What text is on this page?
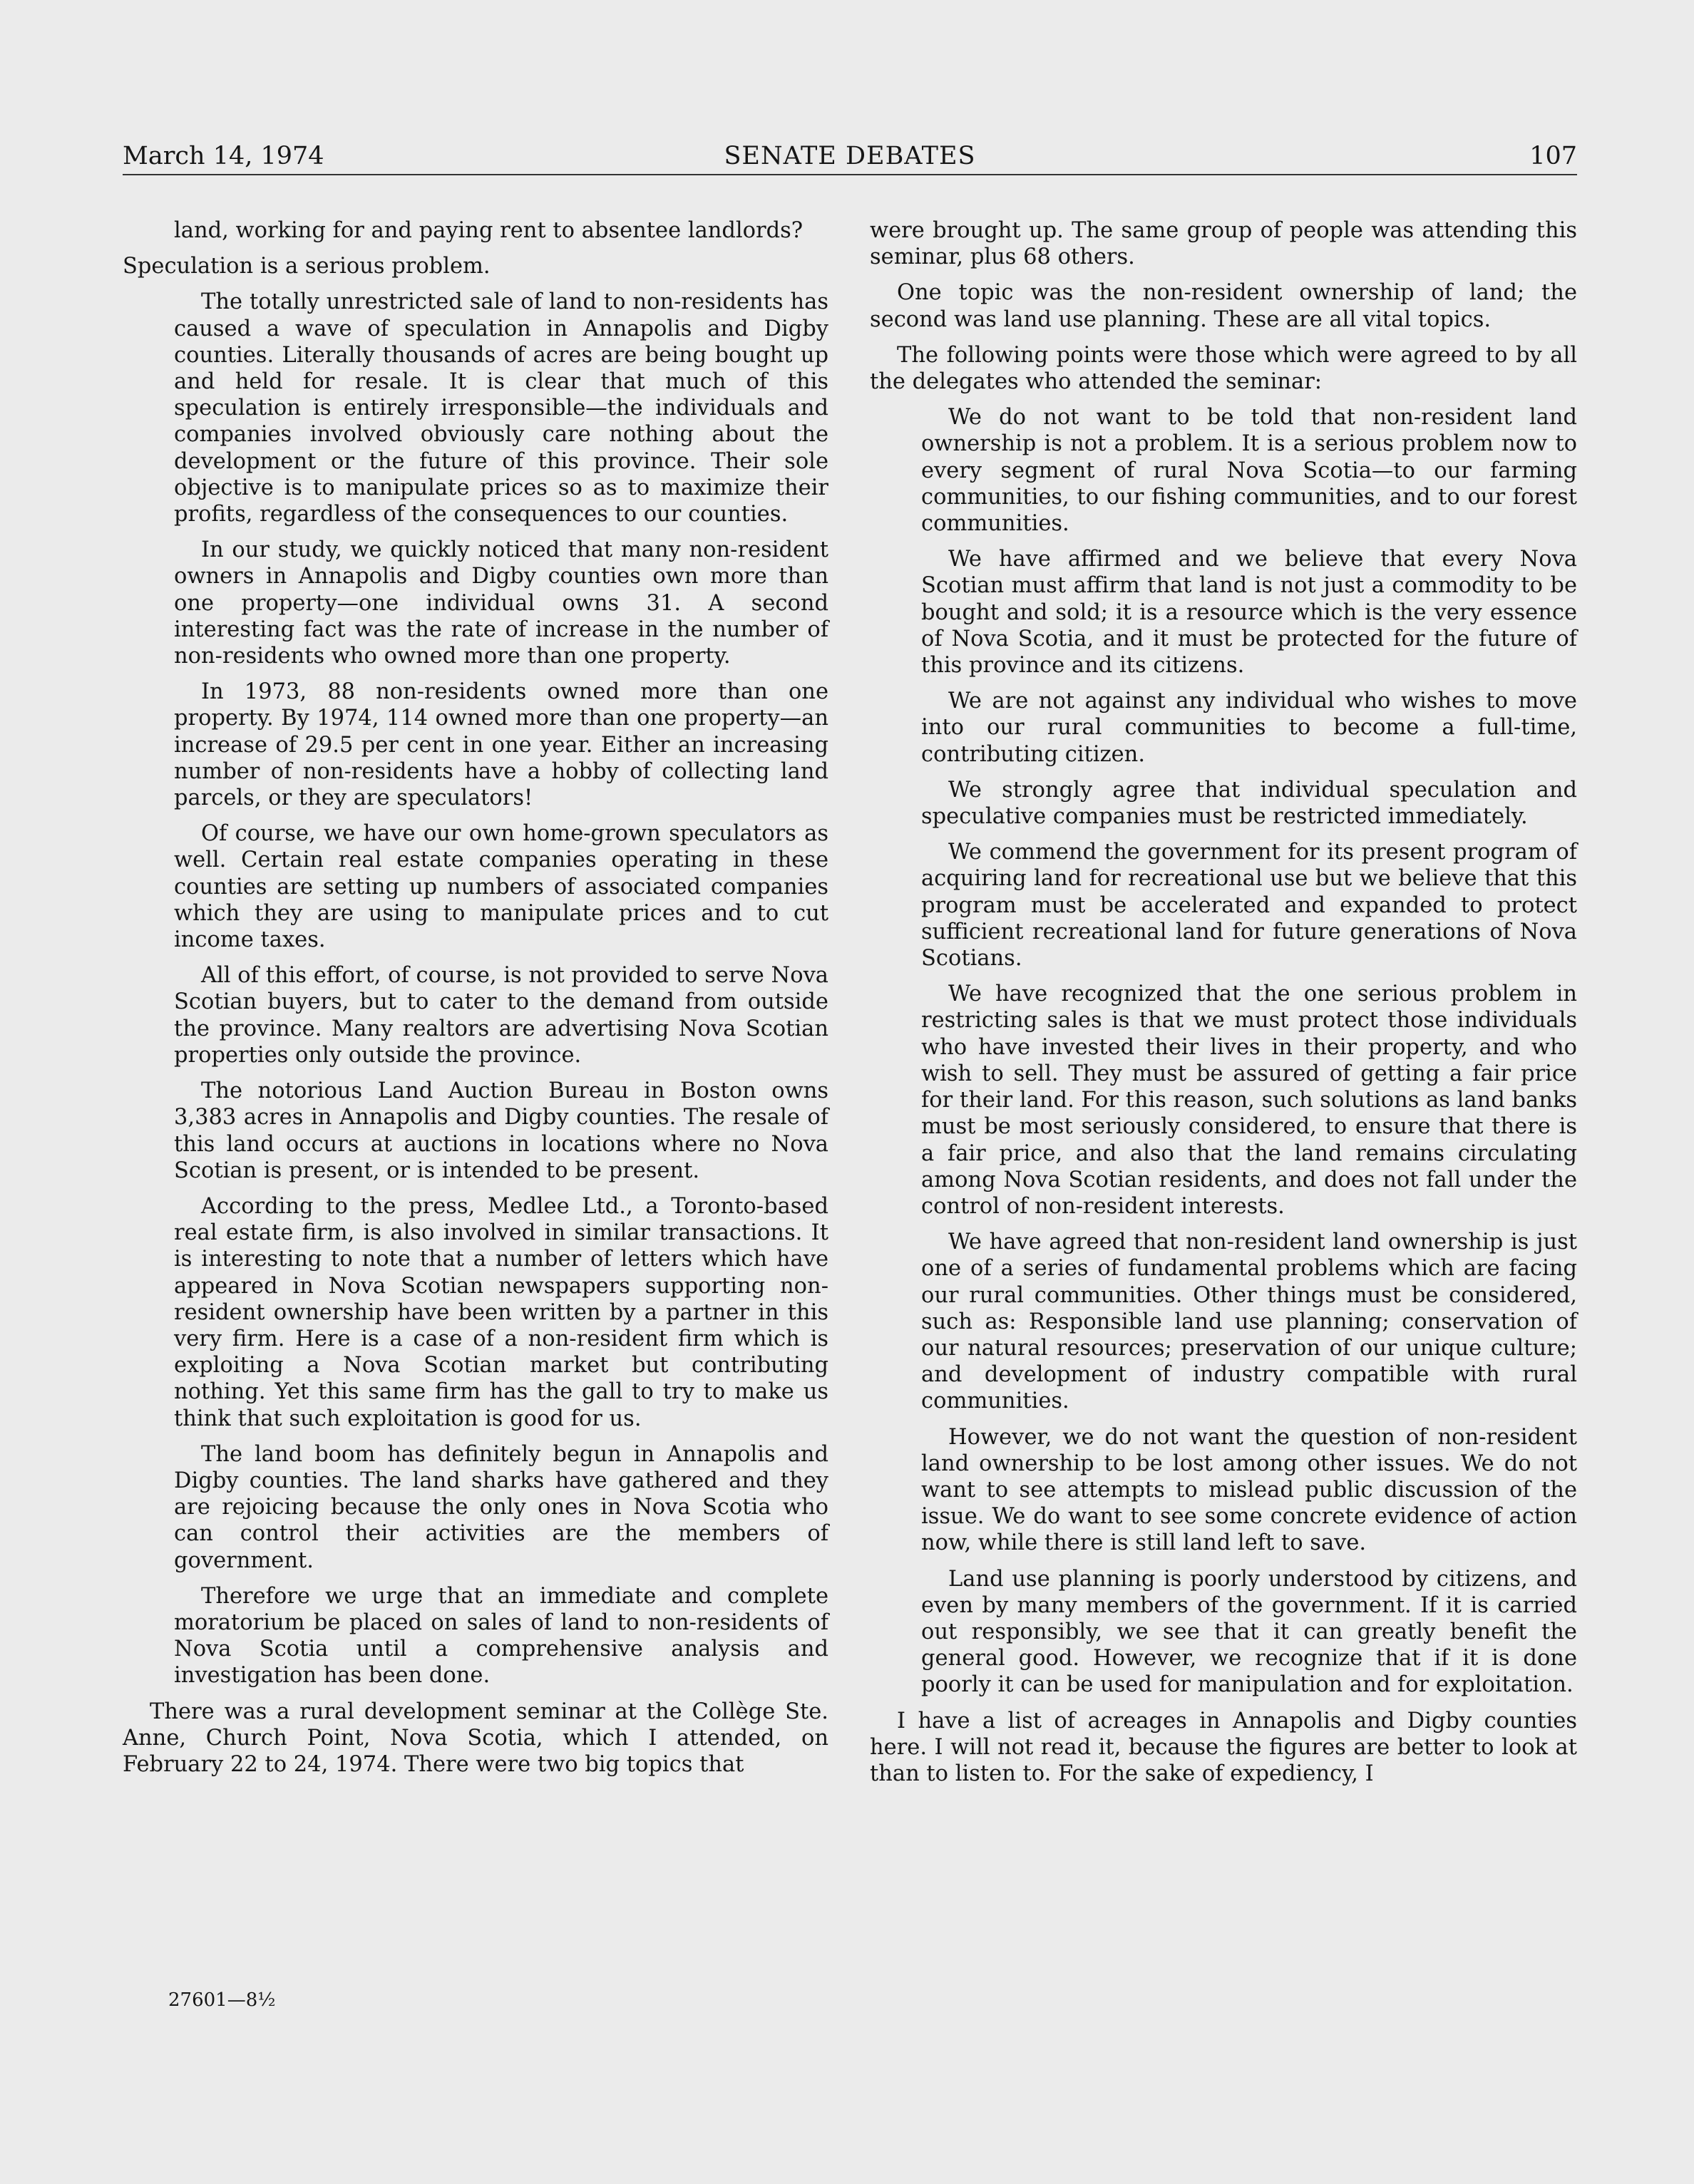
March 14, 1974	SENATE DEBATES	107

land, working for and paying rent to absentee landlords?

Speculation is a serious problem.

The totally unrestricted sale of land to non-residents has caused a wave of speculation in Annapolis and Digby counties. Literally thousands of acres are being bought up and held for resale. It is clear that much of this speculation is entirely irresponsible—the individuals and companies involved obviously care nothing about the development or the future of this province. Their sole objective is to manipulate prices so as to maximize their profits, regardless of the consequences to our counties.

In our study, we quickly noticed that many non-resident owners in Annapolis and Digby counties own more than one property—one individual owns 31. A second interesting fact was the rate of increase in the number of non-residents who owned more than one property.

In 1973, 88 non-residents owned more than one property. By 1974, 114 owned more than one property—an increase of 29.5 per cent in one year. Either an increasing number of non-residents have a hobby of collecting land parcels, or they are speculators!

Of course, we have our own home-grown speculators as well. Certain real estate companies operating in these counties are setting up numbers of associated companies which they are using to manipulate prices and to cut income taxes.

All of this effort, of course, is not provided to serve Nova Scotian buyers, but to cater to the demand from outside the province. Many realtors are advertising Nova Scotian properties only outside the province.

The notorious Land Auction Bureau in Boston owns 3,383 acres in Annapolis and Digby counties. The resale of this land occurs at auctions in locations where no Nova Scotian is present, or is intended to be present.

According to the press, Medlee Ltd., a Toronto-based real estate firm, is also involved in similar transactions. It is interesting to note that a number of letters which have appeared in Nova Scotian newspapers supporting non-resident ownership have been written by a partner in this very firm. Here is a case of a non-resident firm which is exploiting a Nova Scotian market but contributing nothing. Yet this same firm has the gall to try to make us think that such exploitation is good for us.

The land boom has definitely begun in Annapolis and Digby counties. The land sharks have gathered and they are rejoicing because the only ones in Nova Scotia who can control their activities are the members of government.

Therefore we urge that an immediate and complete moratorium be placed on sales of land to non-residents of Nova Scotia until a comprehensive analysis and investigation has been done.

There was a rural development seminar at the Collège Ste. Anne, Church Point, Nova Scotia, which I attended, on February 22 to 24, 1974. There were two big topics that

were brought up. The same group of people was attending this seminar, plus 68 others.

One topic was the non-resident ownership of land; the second was land use planning. These are all vital topics.

The following points were those which were agreed to by all the delegates who attended the seminar:

We do not want to be told that non-resident land ownership is not a problem. It is a serious problem now to every segment of rural Nova Scotia—to our farming communities, to our fishing communities, and to our forest communities.

We have affirmed and we believe that every Nova Scotian must affirm that land is not just a commodity to be bought and sold; it is a resource which is the very essence of Nova Scotia, and it must be protected for the future of this province and its citizens.

We are not against any individual who wishes to move into our rural communities to become a full-time, contributing citizen.

We strongly agree that individual speculation and speculative companies must be restricted immediately.

We commend the government for its present program of acquiring land for recreational use but we believe that this program must be accelerated and expanded to protect sufficient recreational land for future generations of Nova Scotians.

We have recognized that the one serious problem in restricting sales is that we must protect those individuals who have invested their lives in their property, and who wish to sell. They must be assured of getting a fair price for their land. For this reason, such solutions as land banks must be most seriously considered, to ensure that there is a fair price, and also that the land remains circulating among Nova Scotian residents, and does not fall under the control of non-resident interests.

We have agreed that non-resident land ownership is just one of a series of fundamental problems which are facing our rural communities. Other things must be considered, such as: Responsible land use planning; conservation of our natural resources; preservation of our unique culture; and development of industry compatible with rural communities.

However, we do not want the question of non-resident land ownership to be lost among other issues. We do not want to see attempts to mislead public discussion of the issue. We do want to see some concrete evidence of action now, while there is still land left to save.

Land use planning is poorly understood by citizens, and even by many members of the government. If it is carried out responsibly, we see that it can greatly benefit the general good. However, we recognize that if it is done poorly it can be used for manipulation and for exploitation.

I have a list of acreages in Annapolis and Digby counties here. I will not read it, because the figures are better to look at than to listen to. For the sake of expediency, I

27601—8½
